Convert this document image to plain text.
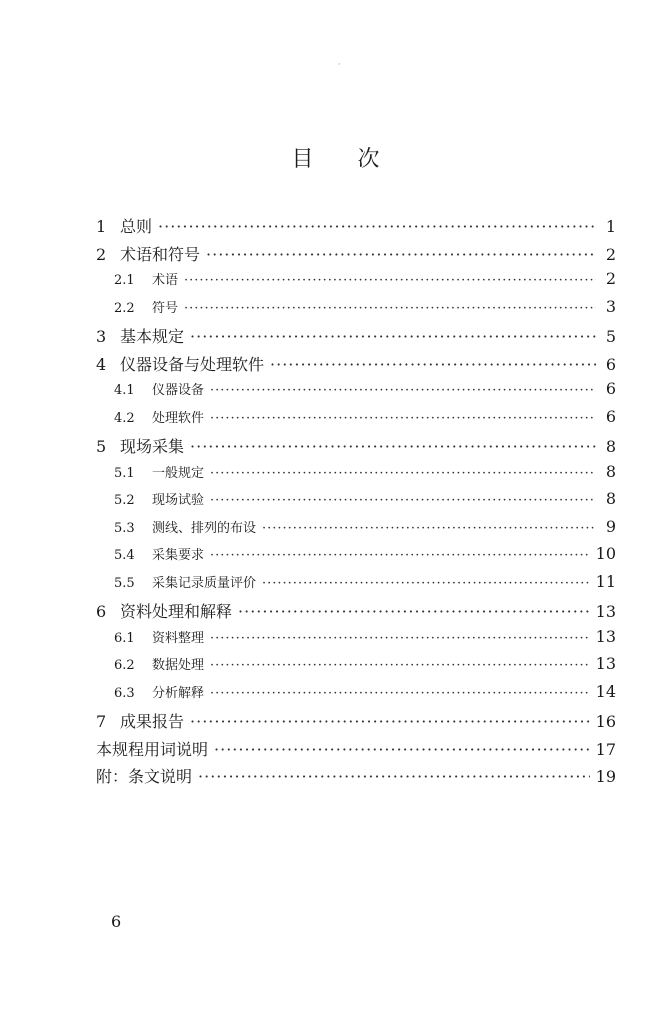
·
目次
1 总则 ·····	1
2 术语和符号 ·····	2
2.1	术语 ·····	2
2.2	符号 ·····	3
3 基本规定 ·····	5
4 仪器设备与处理软件 ·····	6
4.1	仪器设备 ·····	6
4.2	处理软件 ·····	6
5 现场采集 ·····	8
5.1	一般规定 ·····	8
5.2	现场试验 ·····	8
5.3	测线、排列的布设 ·····	9
5.4	采集要求 ·····	10
5.5	采集记录质量评价 ·····	11
6 资料处理和解释 ·····	13
6.1	资料整理 ·····	13
6.2	数据处理 ·····	13
6.3	分析解释 ·····	14
7 成果报告 ·····	16
本规程用词说明 ·····	17
附：条文说明 ·····	19
6
